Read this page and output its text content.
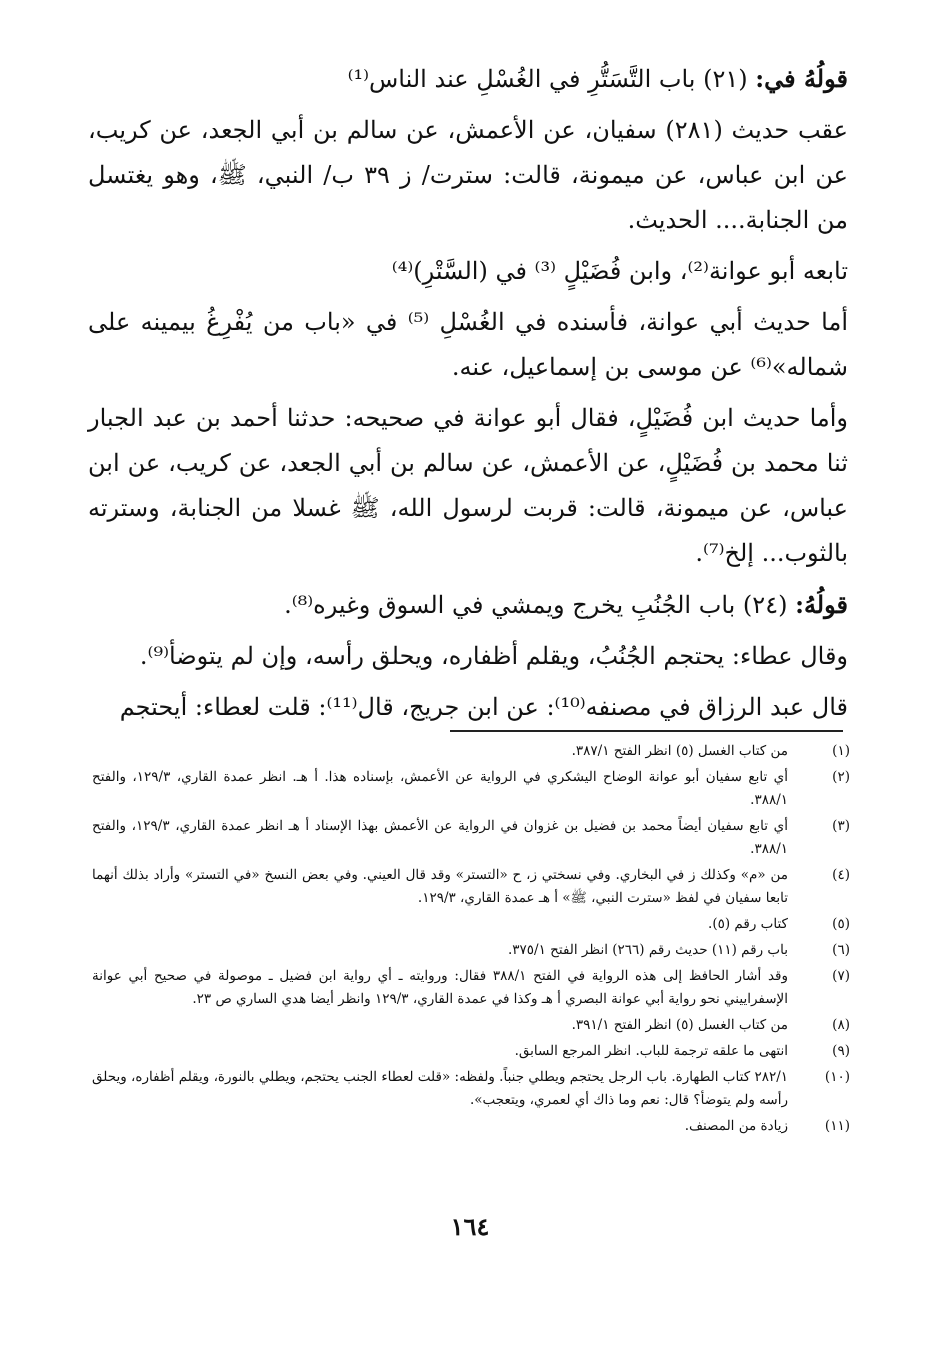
قولُهُ في: (٢١) باب التَّسَتُّرِ في الغُسْلِ عند الناس⁽¹⁾

عقب حديث (٢٨١) سفيان، عن الأعمش، عن سالم بن أبي الجعد، عن كريب، عن ابن عباس، عن ميمونة، قالت: سترت/ ز ٣٩ ب/ النبي، ﷺ، وهو يغتسل من الجنابة.... الحديث.

تابعه أبو عوانة⁽²⁾، وابن فُضَيْلٍ ⁽³⁾ في (السَّتْرِ)⁽⁴⁾

أما حديث أبي عوانة، فأسنده في الغُسْلِ ⁽⁵⁾ في «باب من يُفْرِغُ بيمينه على شماله»⁽⁶⁾ عن موسى بن إسماعيل، عنه.

وأما حديث ابن فُضَيْلٍ، فقال أبو عوانة في صحيحه: حدثنا أحمد بن عبد الجبار ثنا محمد بن فُضَيْلٍ، عن الأعمش، عن سالم بن أبي الجعد، عن كريب، عن ابن عباس، عن ميمونة، قالت: قربت لرسول الله، ﷺ غسلا من الجنابة، وسترته بالثوب... إلخ⁽⁷⁾.

قولُهُ: (٢٤) باب الجُنُبِ يخرج ويمشي في السوق وغيره⁽⁸⁾.

وقال عطاء: يحتجم الجُنُبُ، ويقلم أظفاره، ويحلق رأسه، وإن لم يتوضأ⁽⁹⁾.

قال عبد الرزاق في مصنفه⁽¹⁰⁾: عن ابن جريج، قال⁽¹¹⁾: قلت لعطاء: أيحتجم

(١)
من كتاب الغسل (٥) انظر الفتح ٣٨٧/١.
(٢)
أي تابع سفيان أبو عوانة الوضاح اليشكري في الرواية عن الأعمش، بإسناده هذا. أ هـ. انظر عمدة القاري، ١٢٩/٣، والفتح ٣٨٨/١.
(٣)
أي تابع سفيان أيضاً محمد بن فضيل بن غزوان في الرواية عن الأعمش بهذا الإسناد أ هـ انظر عمدة القاري، ١٢٩/٣، والفتح ٣٨٨/١.
(٤)
من «م» وكذلك ز في البخاري. وفي نسختي ز، ح «التستر» وقد قال العيني. وفي بعض النسخ «في التستر» وأراد بذلك أنهما تابعا سفيان في لفظ «سترت النبي، ﷺ» أ هـ عمدة القاري، ١٢٩/٣.
(٥)
كتاب رقم (٥).
(٦)
باب رقم (١١) حديث رقم (٢٦٦) انظر الفتح ٣٧٥/١.
(٧)
وقد أشار الحافظ إلى هذه الرواية في الفتح ٣٨٨/١ فقال: وروايته ـ أي رواية ابن فضيل ـ موصولة في صحيح أبي عوانة الإسفراييني نحو رواية أبي عوانة البصري أ هـ وكذا في عمدة القاري، ١٢٩/٣ وانظر أيضا هدي الساري ص ٢٣.
(٨)
من كتاب الغسل (٥) انظر الفتح ٣٩١/١.
(٩)
انتهى ما علقه ترجمة للباب. انظر المرجع السابق.
(١٠)
٢٨٢/١ كتاب الطهارة. باب الرجل يحتجم ويطلي جنباً. ولفظه: «قلت لعطاء الجنب يحتجم، ويطلي بالنورة، ويقلم أظفاره، ويحلق رأسه ولم يتوضأ؟ قال: نعم وما ذاك أي لعمري، ويتعجب».
(١١)
زيادة من المصنف.
١٦٤
